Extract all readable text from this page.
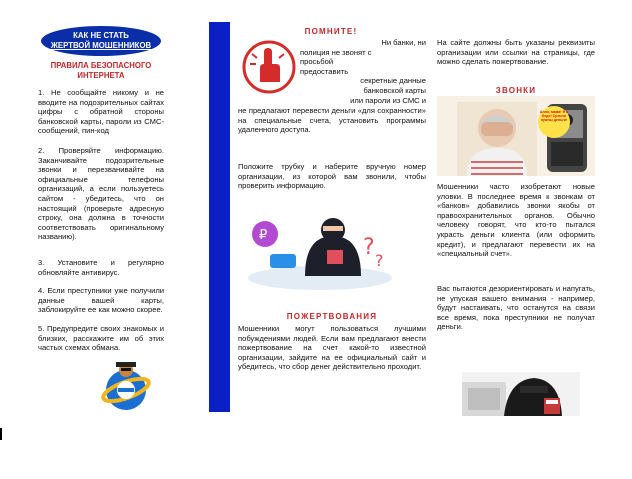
КАК НЕ СТАТЬ
ЖЕРТВОЙ МОШЕННИКОВ
ПРАВИЛА БЕЗОПАСНОГО
ИНТЕРНЕТА
1. Не сообщайте никому и не вводите на подозрительных сайтах цифры с обратной стороны банковской карты, пароли из СМС-сообщений, пин-код
2. Проверяйте информацию. Заканчивайте подозрительные звонки и перезванивайте на официальные телефоны организаций, а если пользуетесь сайтом - убедитесь, что он настоящий (проверьте адресную строку, она должна в точности соответствовать оригинальному названию).
3. Установите и регулярно обновляйте антивирус.
4. Если преступники уже получили данные вашей карты, заблокируйте ее как можно скорее.
5. Предупредите своих знакомых и близких, расскажите им об этих частых схемах обмана.
ПОМНИТЕ!
Ни банки, ни
полиция не звонят с
просьбой
предоставить
секретные данные
банковской карты
или пароли из СМС и
не предлагают перевести деньги «для сохранности» на специальные счета, установить программы удаленного доступа.
Положите трубку и наберите вручную номер организации, из которой вам звонили, чтобы проверить информацию.
₽	?
?
ПОЖЕРТВОВАНИЯ
Мошенники могут пользоваться лучшими побуждениями людей. Если вам предлагают внести пожертвование на счет какой-то известной организации, зайдите на ее официальный сайт и убедитесь, что сбор денег действительно проходит.
На сайте должны быть указаны реквизиты организации или ссылки на страницы, где можно сделать пожертвование.
ЗВОНКИ
Алло, мама! Я в беде! Срочно нужны деньги!
Мошенники часто изобретают новые уловки. В последнее время к звонкам от «банков» добавились звонки якобы от правоохранительных органов. Обычно человеку говорят, что кто-то пытался украсть деньги клиента (или оформить кредит), и предлагают перевести их на «специальный счет».
Вас пытаются дезориентировать и напугать, не упуская вашего внимания - например, будут настаивать, что останутся на связи все время, пока преступники не получат деньги.
